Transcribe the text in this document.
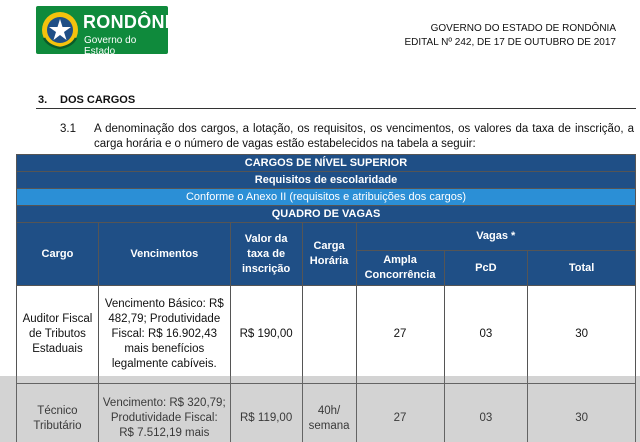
RONDÔNIA
Governo do Estado
GOVERNO DO ESTADO DE RONDÔNIA
EDITAL Nº 242, DE 17 DE OUTUBRO DE 2017
3. DOS CARGOS
3.1 A denominação dos cargos, a lotação, os requisitos, os vencimentos, os valores da taxa de inscrição, a carga horária e o número de vagas estão estabelecidos na tabela a seguir:
CARGOS DE NÍVEL SUPERIOR						
Requisitos de escolaridade						
Conforme o Anexo II (requisitos e atribuições dos cargos)						
QUADRO DE VAGAS						
Cargo	Vencimentos	Valor da taxa de inscrição	Carga Horária	Vagas *		
				Ampla Concorrência	PcD	Total
Auditor Fiscal de Tributos Estaduais	Vencimento Básico: R$ 482,79; Produtividade Fiscal: R$ 16.902,43 mais benefícios legalmente cabíveis.	R$ 190,00		27	03	30
Técnico Tributário	Vencimento: R$ 320,79; Produtividade Fiscal: R$ 7.512,19 mais	R$ 119,00	40h/ semana	27	03	30
